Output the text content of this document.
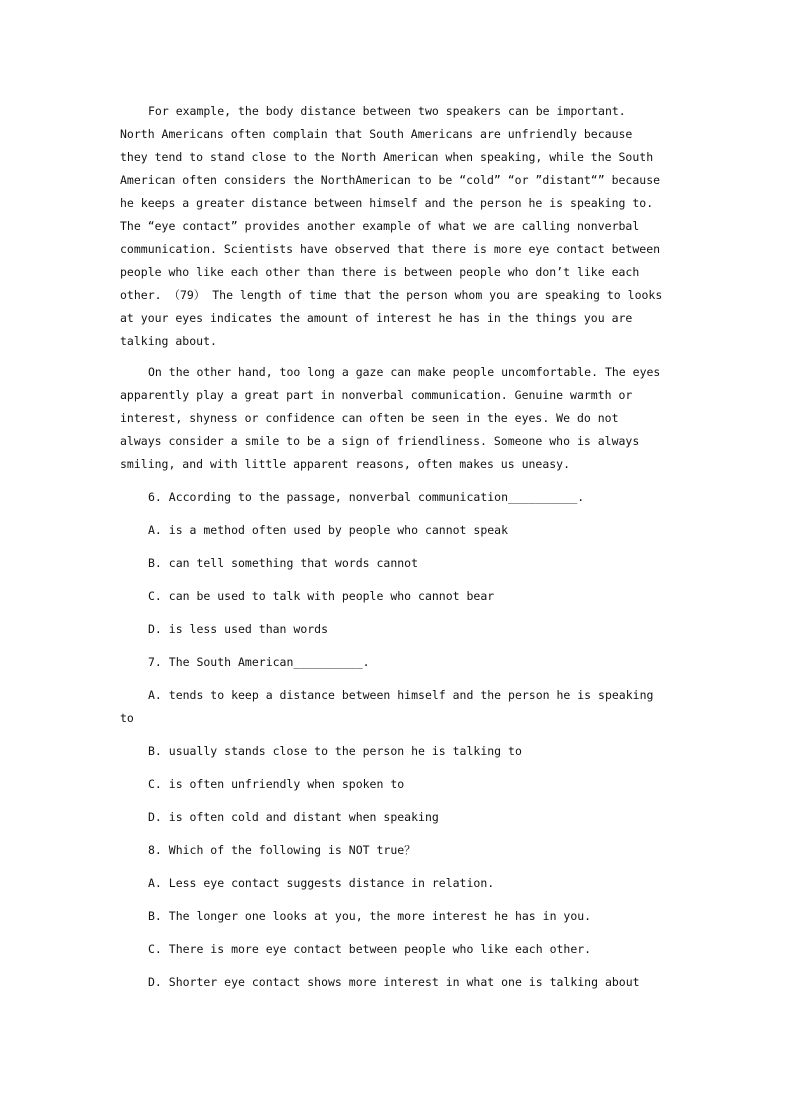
For example, the body distance between two speakers can be important. North Americans often complain that South Americans are unfriendly because they tend to stand close to the North American when speaking, while the South American often considers the NorthAmerican to be “cold” “or ”distant“” because he keeps a greater distance between himself and the person he is speaking to. The “eye contact” provides another example of what we are calling nonverbal communication. Scientists have observed that there is more eye contact between people who like each other than there is between people who don’t like each other. （79） The length of time that the person whom you are speaking to looks at your eyes indicates the amount of interest he has in the things you are talking about.

On the other hand, too long a gaze can make people uncomfortable. The eyes apparently play a great part in nonverbal communication. Genuine warmth or interest, shyness or confidence can often be seen in the eyes. We do not always consider a smile to be a sign of friendliness. Someone who is always smiling, and with little apparent reasons, often makes us uneasy.

6. According to the passage, nonverbal communication__________.

A. is a method often used by people who cannot speak

B. can tell something that words cannot

C. can be used to talk with people who cannot bear

D. is less used than words

7. The South American__________.

A. tends to keep a distance between himself and the person he is speaking to

B. usually stands close to the person he is talking to

C. is often unfriendly when spoken to

D. is often cold and distant when speaking

8. Which of the following is NOT true？

A. Less eye contact suggests distance in relation.

B. The longer one looks at you, the more interest he has in you.

C. There is more eye contact between people who like each other.

D. Shorter eye contact shows more interest in what one is talking about
